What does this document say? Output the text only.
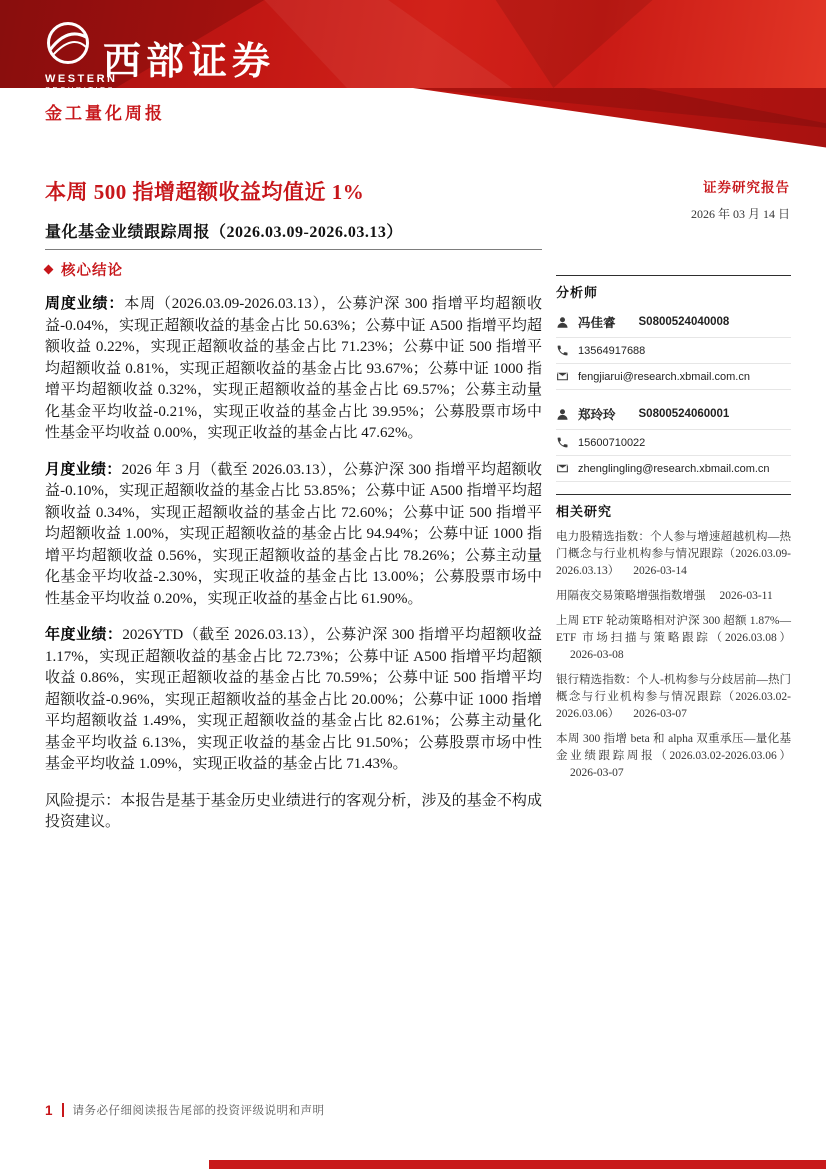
WESTERN
SECURITIES
西部证券
金工量化周报
本周 500 指增超额收益均值近 1%	证券研究报告
2026 年 03 月 14 日
量化基金业绩跟踪周报（2026.03.09-2026.03.13）
核心结论

周度业绩：本周（2026.03.09-2026.03.13），公募沪深 300 指增平均超额收益-0.04%，实现正超额收益的基金占比 50.63%；公募中证 A500 指增平均超额收益 0.22%，实现正超额收益的基金占比 71.23%；公募中证 500 指增平均超额收益 0.81%，实现正超额收益的基金占比 93.67%；公募中证 1000 指增平均超额收益 0.32%，实现正超额收益的基金占比 69.57%；公募主动量化基金平均收益-0.21%，实现正收益的基金占比 39.95%；公募股票市场中性基金平均收益 0.00%，实现正收益的基金占比 47.62%。

月度业绩：2026 年 3 月（截至 2026.03.13），公募沪深 300 指增平均超额收益-0.10%，实现正超额收益的基金占比 53.85%；公募中证 A500 指增平均超额收益 0.34%，实现正超额收益的基金占比 72.60%；公募中证 500 指增平均超额收益 1.00%，实现正超额收益的基金占比 94.94%；公募中证 1000 指增平均超额收益 0.56%，实现正超额收益的基金占比 78.26%；公募主动量化基金平均收益-2.30%，实现正收益的基金占比 13.00%；公募股票市场中性基金平均收益 0.20%，实现正收益的基金占比 61.90%。

年度业绩：2026YTD（截至 2026.03.13），公募沪深 300 指增平均超额收益 1.17%，实现正超额收益的基金占比 72.73%；公募中证 A500 指增平均超额收益 0.86%，实现正超额收益的基金占比 70.59%；公募中证 500 指增平均超额收益-0.96%，实现正超额收益的基金占比 20.00%；公募中证 1000 指增平均超额收益 1.49%，实现正超额收益的基金占比 82.61%；公募主动量化基金平均收益 6.13%，实现正收益的基金占比 91.50%；公募股票市场中性基金平均收益 1.09%，实现正收益的基金占比 71.43%。

风险提示：本报告是基于基金历史业绩进行的客观分析，涉及的基金不构成投资建议。

分析师
冯佳睿 S0800524040008
13564917688
fengjiarui@research.xbmail.com.cn
郑玲玲 S0800524060001
15600710022
zhenglingling@research.xbmail.com.cn
相关研究
电力股精选指数：个人参与增速超越机构—热门概念与行业机构参与情况跟踪（2026.03.09-2026.03.13） 2026-03-14
用隔夜交易策略增强指数增强 2026-03-11
上周 ETF 轮动策略相对沪深 300 超额 1.87%—ETF 市场扫描与策略跟踪（2026.03.08）2026-03-08
银行精选指数：个人-机构参与分歧居前—热门概念与行业机构参与情况跟踪（2026.03.02-2026.03.06） 2026-03-07
本周 300 指增 beta 和 alpha 双重承压—量化基金业绩跟踪周报（2026.03.02-2026.03.06）2026-03-07
1 请务必仔细阅读报告尾部的投资评级说明和声明
